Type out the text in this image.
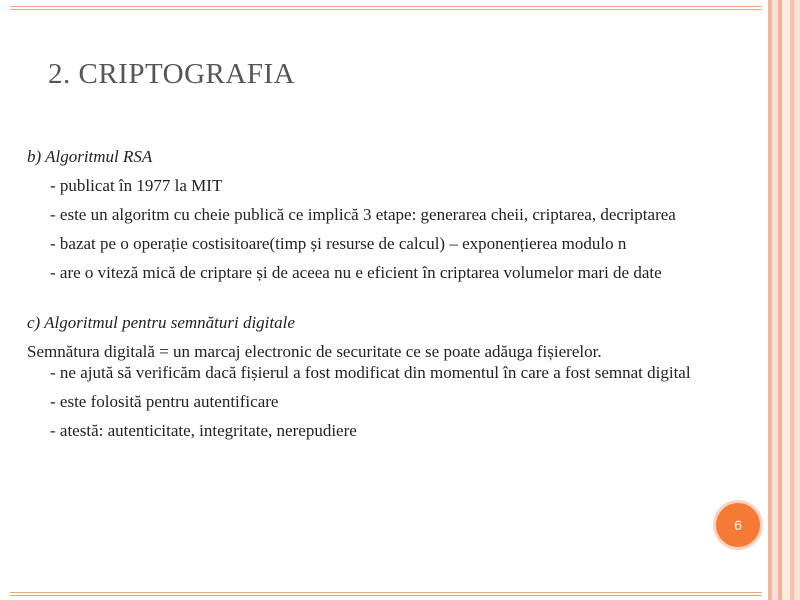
2. CRIPTOGRAFIA

b) Algoritmul RSA

- publicat în 1977 la MIT

- este un algoritm cu cheie publică ce implică 3 etape: generarea cheii, criptarea, decriptarea

- bazat pe o operație costisitoare(timp și resurse de calcul) – exponențierea modulo n

- are o viteză mică de criptare și de aceea nu e eficient în criptarea volumelor mari de date

c) Algoritmul pentru semnături digitale

Semnătura digitală = un marcaj electronic de securitate ce se poate adăuga fișierelor.

- ne ajută să verificăm dacă fișierul a fost modificat din momentul în care a fost semnat digital

- este folosită pentru autentificare

- atestă: autenticitate, integritate, nerepudiere

6
